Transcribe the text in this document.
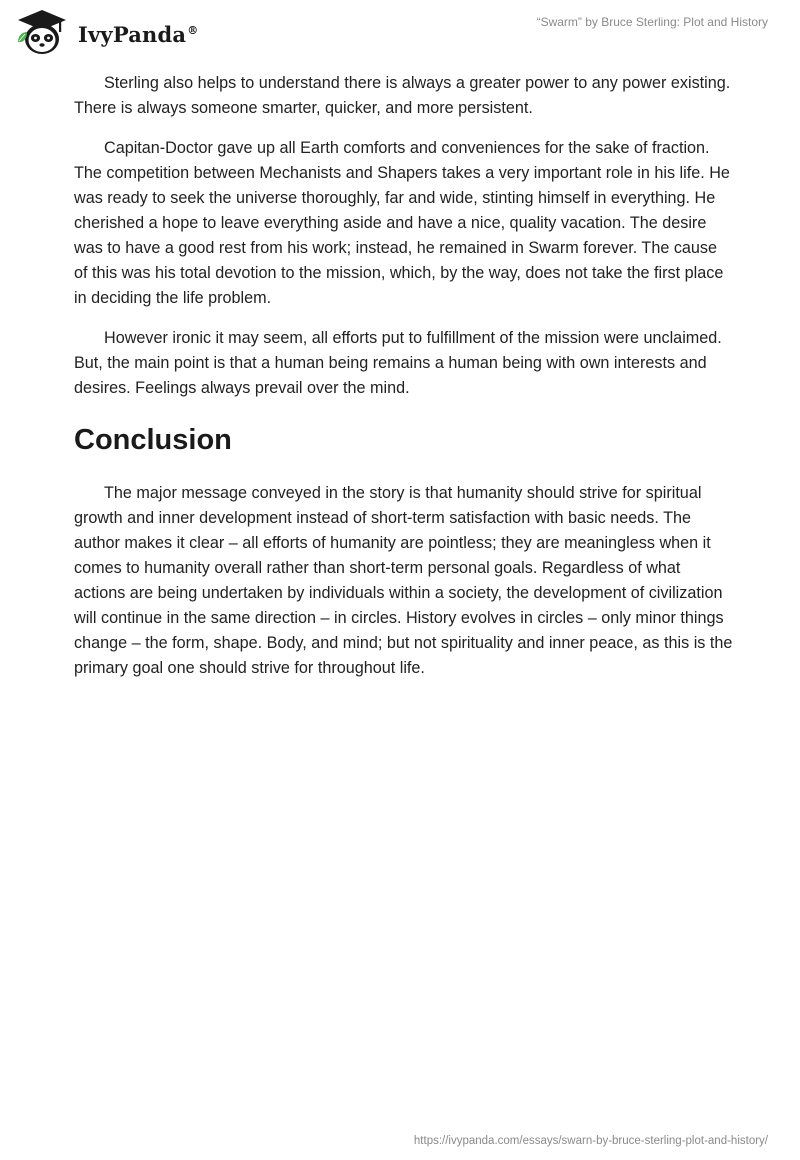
IvyPanda®
“Swarm” by Bruce Sterling: Plot and History

Sterling also helps to understand there is always a greater power to any power existing. There is always someone smarter, quicker, and more persistent.

Capitan-Doctor gave up all Earth comforts and conveniences for the sake of fraction. The competition between Mechanists and Shapers takes a very important role in his life. He was ready to seek the universe thoroughly, far and wide, stinting himself in everything. He cherished a hope to leave everything aside and have a nice, quality vacation. The desire was to have a good rest from his work; instead, he remained in Swarm forever. The cause of this was his total devotion to the mission, which, by the way, does not take the first place in deciding the life problem.

However ironic it may seem, all efforts put to fulfillment of the mission were unclaimed. But, the main point is that a human being remains a human being with own interests and desires. Feelings always prevail over the mind.

Conclusion

The major message conveyed in the story is that humanity should strive for spiritual growth and inner development instead of short-term satisfaction with basic needs. The author makes it clear – all efforts of humanity are pointless; they are meaningless when it comes to humanity overall rather than short-term personal goals. Regardless of what actions are being undertaken by individuals within a society, the development of civilization will continue in the same direction – in circles. History evolves in circles – only minor things change – the form, shape. Body, and mind; but not spirituality and inner peace, as this is the primary goal one should strive for throughout life.

https://ivypanda.com/essays/swarn-by-bruce-sterling-plot-and-history/
